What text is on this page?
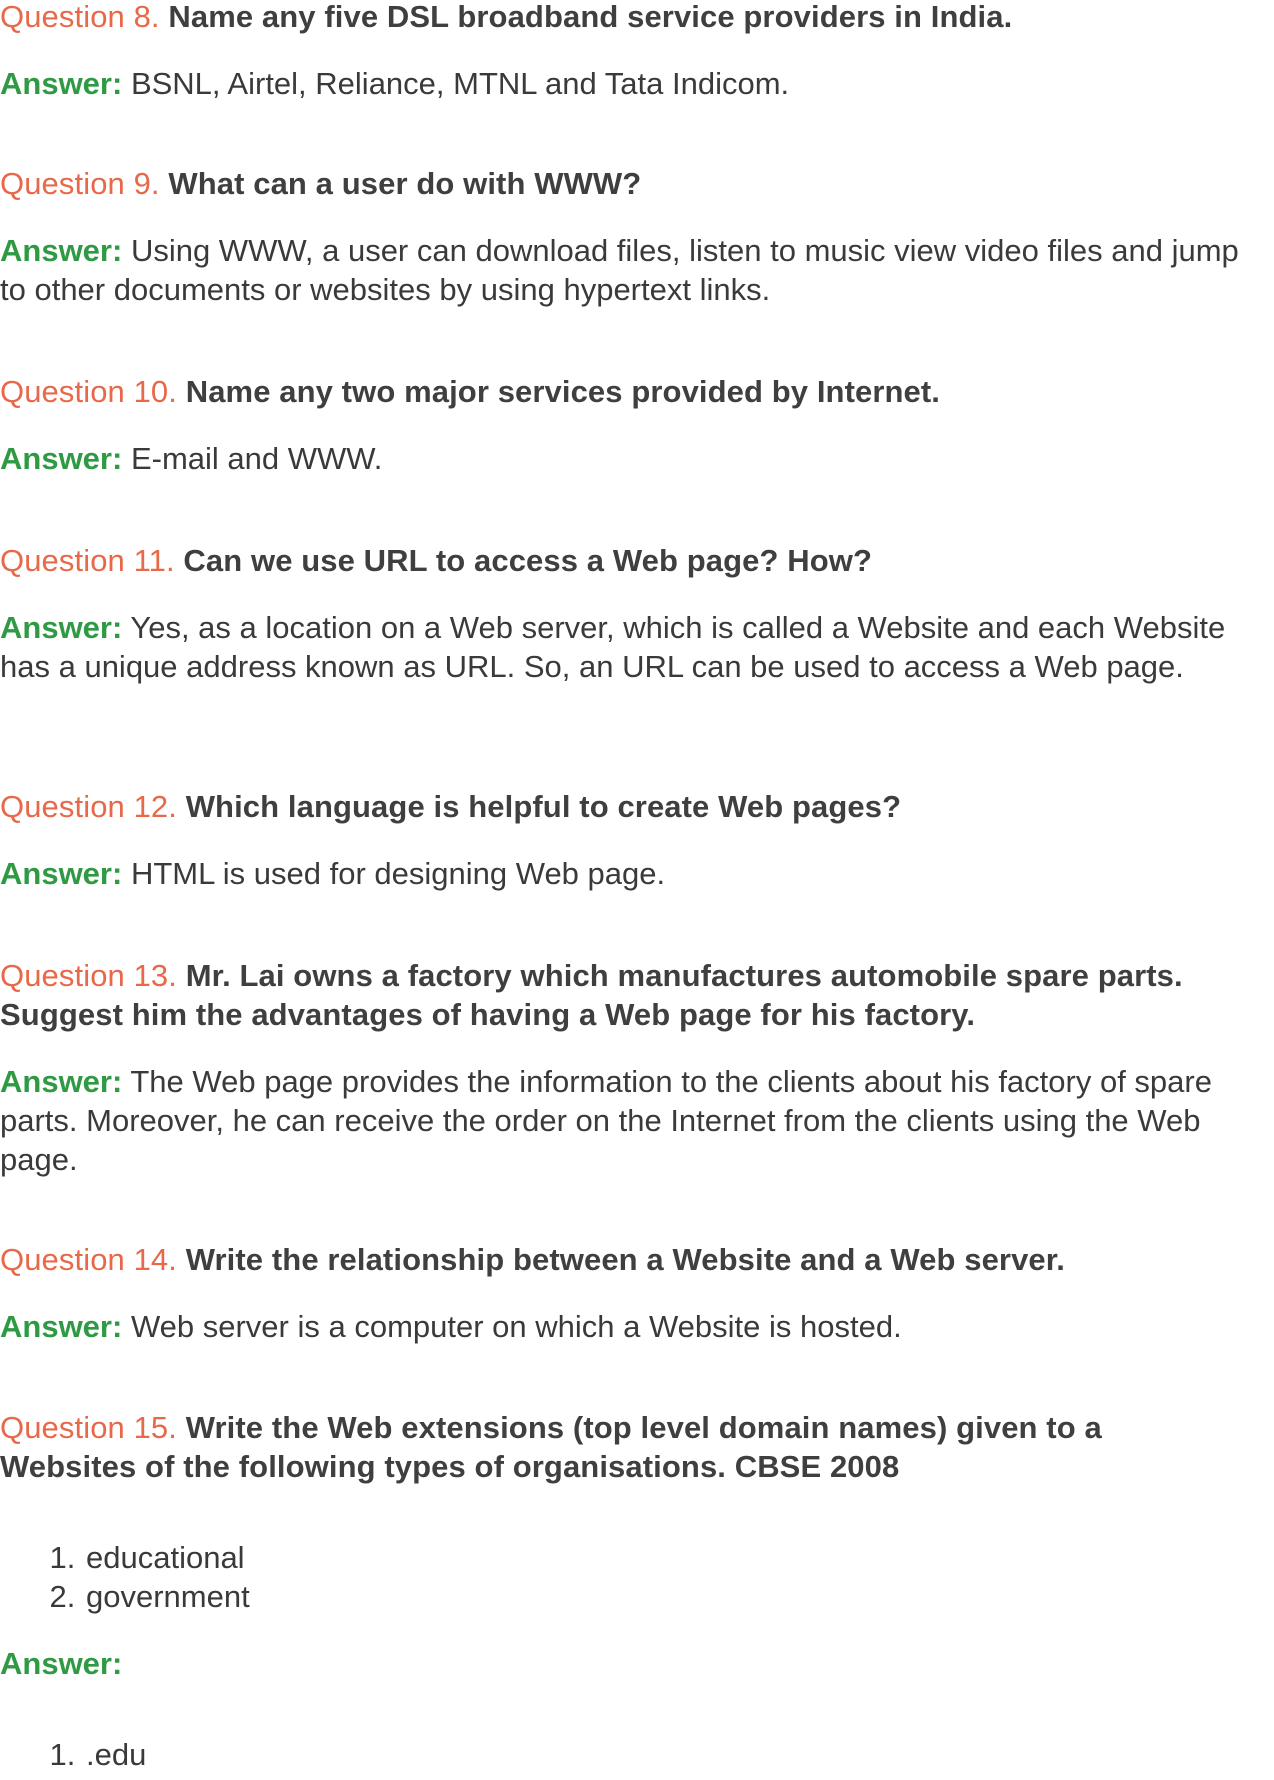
Question 8. Name any five DSL broadband service providers in India.

Answer: BSNL, Airtel, Reliance, MTNL and Tata Indicom.

Question 9. What can a user do with WWW?

Answer: Using WWW, a user can download files, listen to music view video files and jump to other documents or websites by using hypertext links.

Question 10. Name any two major services provided by Internet.

Answer: E-mail and WWW.

Question 11. Can we use URL to access a Web page? How?

Answer: Yes, as a location on a Web server, which is called a Website and each Website has a unique address known as URL. So, an URL can be used to access a Web page.

Question 12. Which language is helpful to create Web pages?

Answer: HTML is used for designing Web page.

Question 13. Mr. Lai owns a factory which manufactures automobile spare parts. Suggest him the advantages of having a Web page for his factory.

Answer: The Web page provides the information to the clients about his factory of spare parts. Moreover, he can receive the order on the Internet from the clients using the Web page.

Question 14. Write the relationship between a Website and a Web server.

Answer: Web server is a computer on which a Website is hosted.

Question 15. Write the Web extensions (top level domain names) given to a Websites of the following types of organisations. CBSE 2008

1. educational
2. government

Answer:

1. .edu
